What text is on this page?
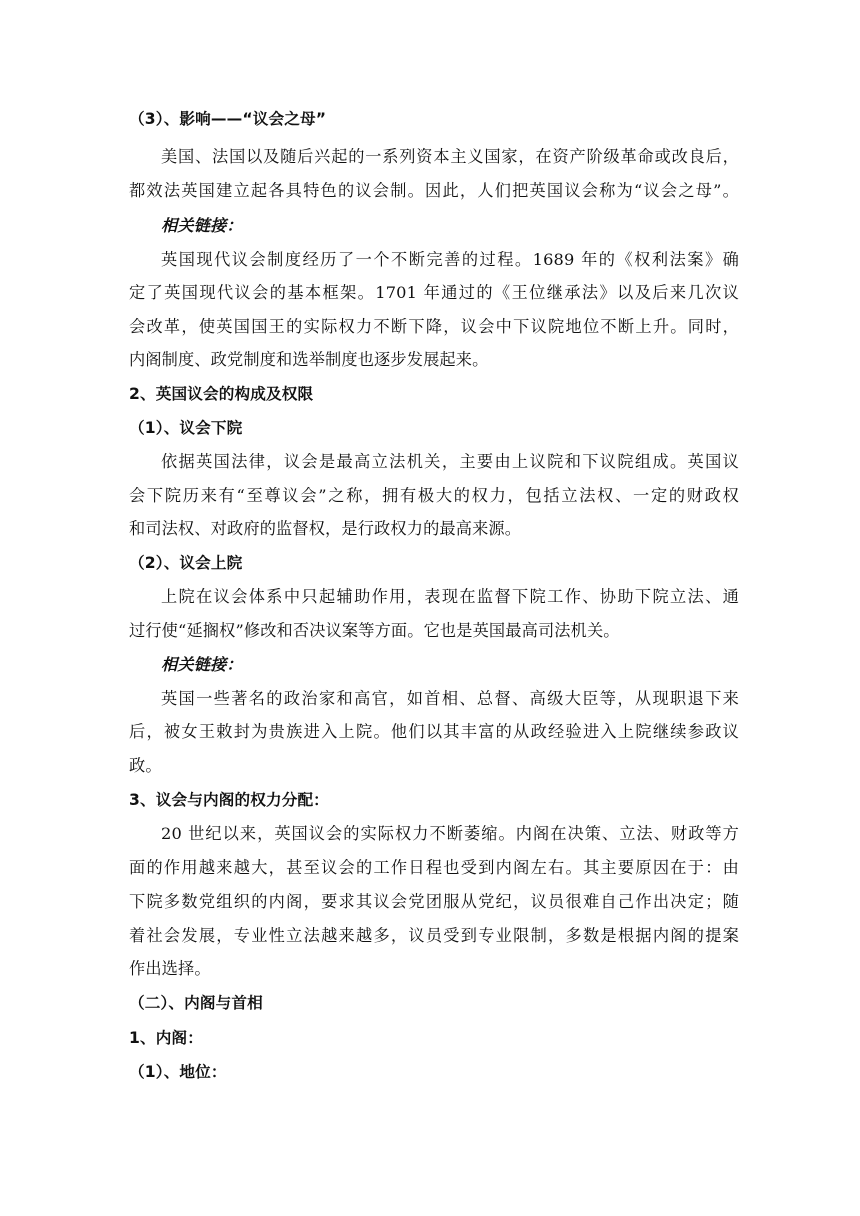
（3）、影响——“议会之母”
美国、法国以及随后兴起的一系列资本主义国家，在资产阶级革命或改良后，
都效法英国建立起各具特色的议会制。因此，人们把英国议会称为“议会之母”。
相关链接：
英国现代议会制度经历了一个不断完善的过程。1689 年的《权利法案》确
定了英国现代议会的基本框架。1701 年通过的《王位继承法》以及后来几次议
会改革，使英国国王的实际权力不断下降，议会中下议院地位不断上升。同时，
内阁制度、政党制度和选举制度也逐步发展起来。
2、英国议会的构成及权限
（1）、议会下院
依据英国法律，议会是最高立法机关，主要由上议院和下议院组成。英国议
会下院历来有“至尊议会”之称，拥有极大的权力，包括立法权、一定的财政权
和司法权、对政府的监督权，是行政权力的最高来源。
（2）、议会上院
上院在议会体系中只起辅助作用，表现在监督下院工作、协助下院立法、通
过行使“延搁权”修改和否决议案等方面。它也是英国最高司法机关。
相关链接：
英国一些著名的政治家和高官，如首相、总督、高级大臣等，从现职退下来
后，被女王敕封为贵族进入上院。他们以其丰富的从政经验进入上院继续参政议
政。
3、议会与内阁的权力分配：
20 世纪以来，英国议会的实际权力不断萎缩。内阁在决策、立法、财政等方
面的作用越来越大，甚至议会的工作日程也受到内阁左右。其主要原因在于：由
下院多数党组织的内阁，要求其议会党团服从党纪，议员很难自己作出决定；随
着社会发展，专业性立法越来越多，议员受到专业限制，多数是根据内阁的提案
作出选择。
（二）、内阁与首相
1、内阁：
（1）、地位：
